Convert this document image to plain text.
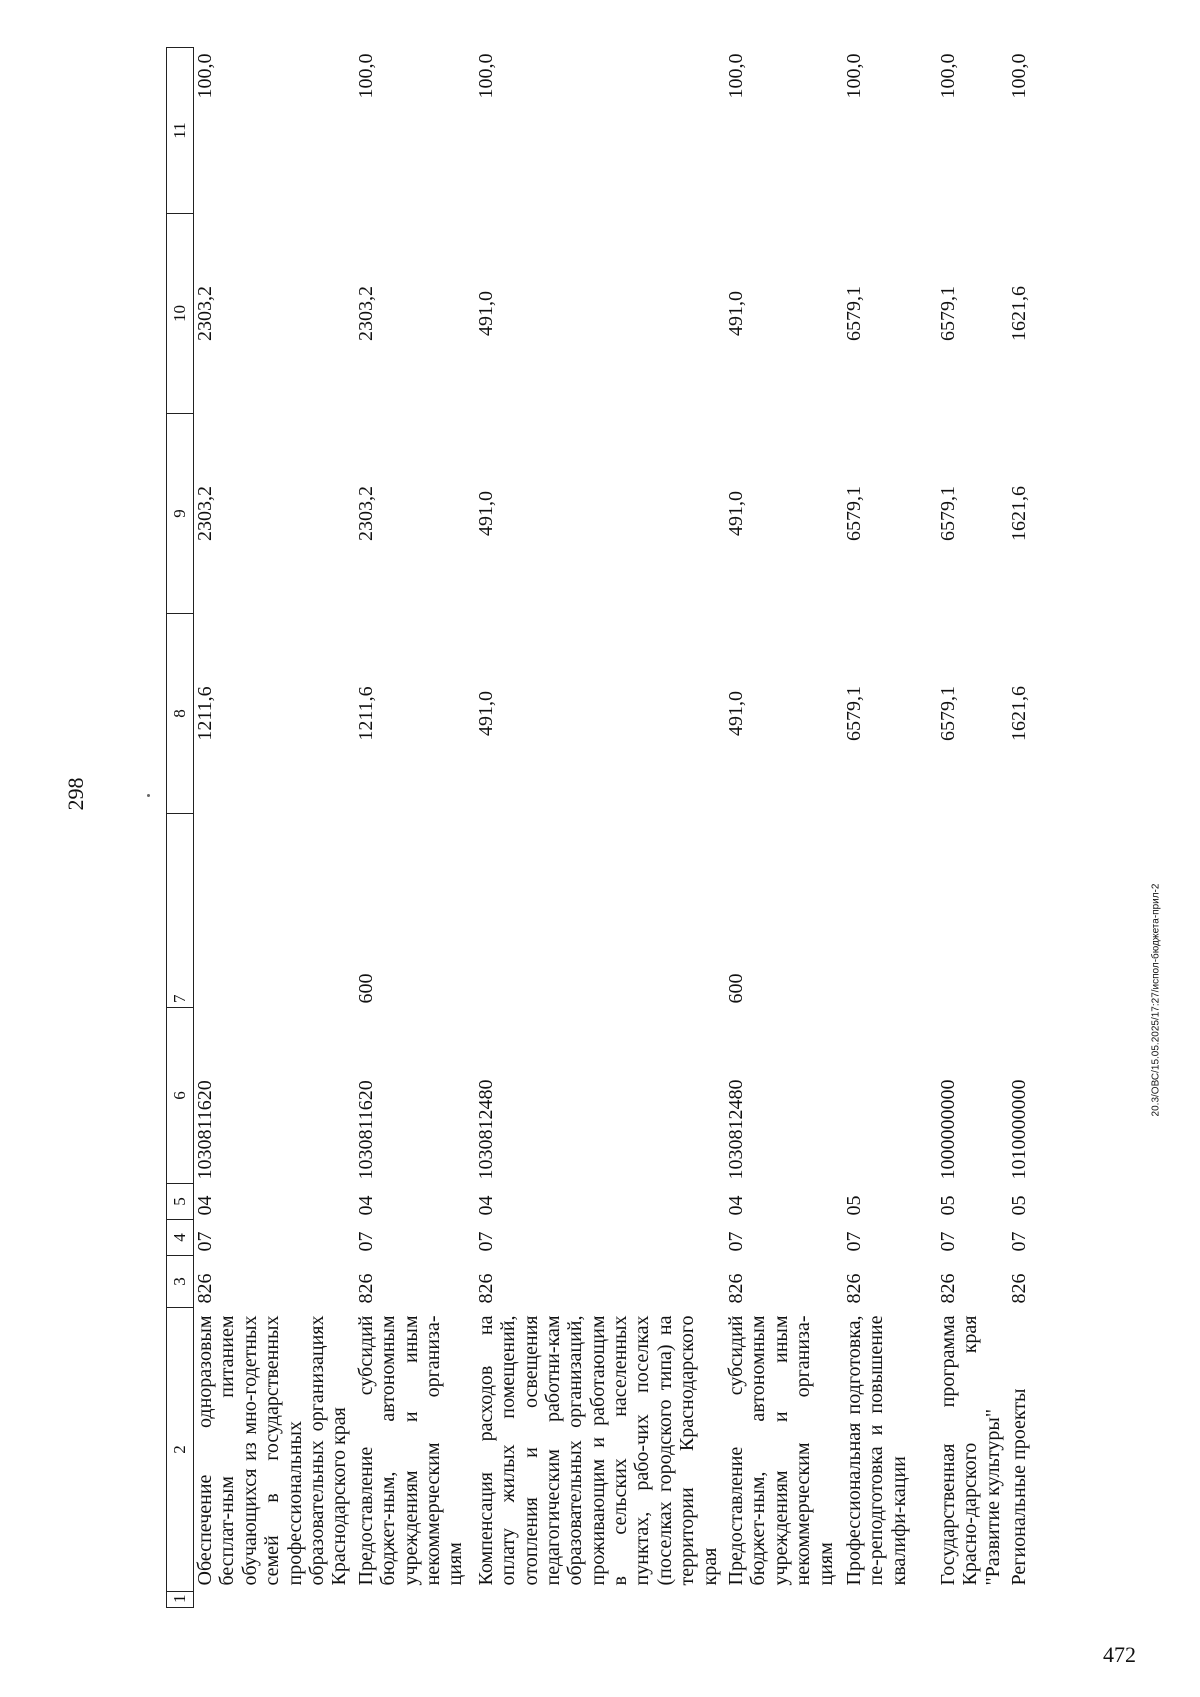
298
1	2	3	4	5	6	7	8	9	10	11
	Обеспечение одноразовым бесплат-ным питанием обучающихся из мно-годетных семей в государственных профессиональных образовательных организациях Краснодарского края	826	07	04	1030811620		1211,6	2303,2	2303,2	100,0
	Предоставление субсидий бюджет-ным, автономным учреждениям и иным некоммерческим организа-циям	826	07	04	1030811620	600	1211,6	2303,2	2303,2	100,0
	Компенсация расходов на оплату жилых помещений, отопления и освещения педагогическим работни-кам образовательных организаций, проживающим и работающим в сельских населенных пунктах, рабо-чих поселках (поселках городского типа) на территории Краснодарского края	826	07	04	1030812480		491,0	491,0	491,0	100,0
	Предоставление субсидий бюджет-ным, автономным учреждениям и иным некоммерческим организа-циям	826	07	04	1030812480	600	491,0	491,0	491,0	100,0
	Профессиональная подготовка, пе-реподготовка и повышение квалифи-кации	826	07	05			6579,1	6579,1	6579,1	100,0
	Государственная программа Красно-дарского края "Развитие культуры"	826	07	05	1000000000		6579,1	6579,1	6579,1	100,0
	Региональные проекты	826	07	05	1010000000		1621,6	1621,6	1621,6	100,0
20.3/ОВС/15.05.2025/17:27/испол-бюджета-прил-2
472
